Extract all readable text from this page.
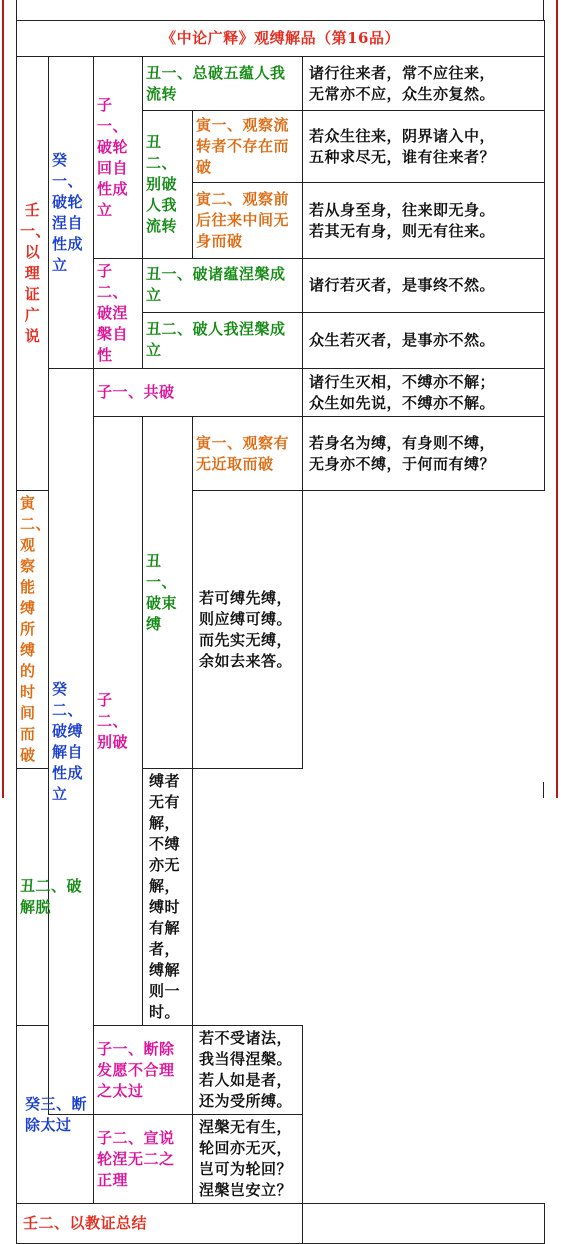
《中论广释》观缚解品（第16品）					
壬一、以理证广说	癸一、破轮涅自性成立	子一、破轮回自性成立	丑一、总破五蕴人我流转		诸行往来者，常不应往来，
无常亦不应，众生亦复然。

			丑二、别破人我流转	寅一、观察流转者不存在而破	若众生往来，阴界诸入中，
五种求尽无，谁有往来者？

				寅二、观察前后往来中间无身而破	若从身至身，往来即无身。
若其无有身，则无有往来。

		子二、破涅槃自性	丑一、破诸蕴涅槃成立		诸行若灭者，是事终不然。

			丑二、破人我涅槃成立		众生若灭者，是事亦不然。

	癸二、破缚解自性成立	子一、共破			诸行生灭相，不缚亦不解；
众生如先说，不缚亦不解。

		子二、别破	丑一、破束缚	寅一、观察有无近取而破	若身名为缚，有身则不缚，
无身亦不缚，于何而有缚？

寅二、观察能缚所缚的时间而破				若可缚先缚，则应缚可缚。
而先实无缚，余如去来答。	

丑二、破解脱			缚者无有解，不缚亦无解，
缚时有解者，缚解则一时。		

癸三、断除太过		子一、断除发愿不合理之太过		若不受诸法，我当得涅槃。
若人如是者，还为受所缚。	

		子二、宣说轮涅无二之正理		涅槃无有生，轮回亦无灭，
岂可为轮回？涅槃岂安立？	

壬二、以教证总结					
